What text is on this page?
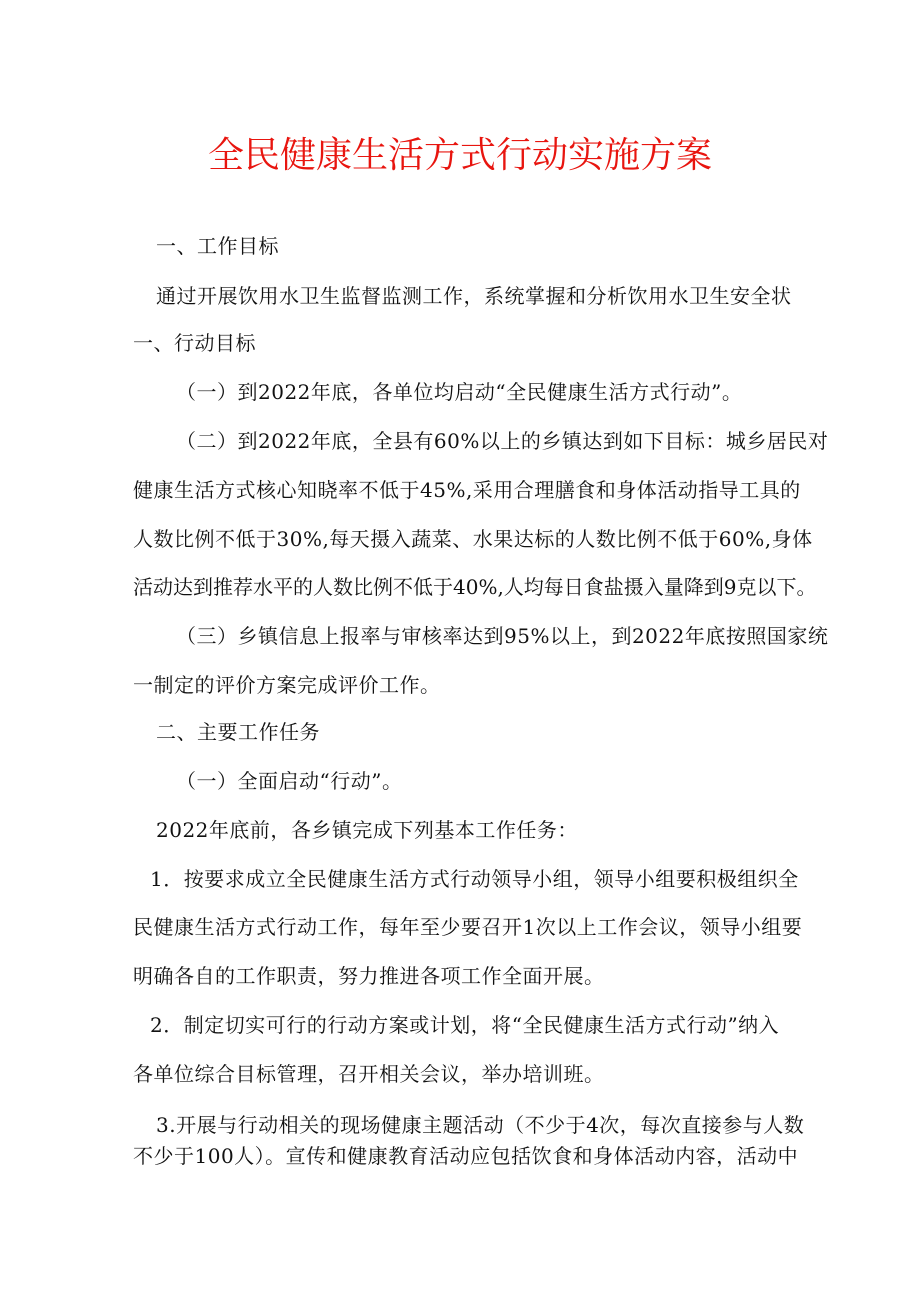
全民健康生活方式行动实施方案
一、工作目标
通过开展饮用水卫生监督监测工作，系统掌握和分析饮用水卫生安全状
一、行动目标
（一）到2022年底，各单位均启动“全民健康生活方式行动”。
（二）到2022年底，全县有60%以上的乡镇达到如下目标：城乡居民对
健康生活方式核心知晓率不低于45%,采用合理膳食和身体活动指导工具的
人数比例不低于30%,每天摄入蔬菜、水果达标的人数比例不低于60%,身体
活动达到推荐水平的人数比例不低于40%,人均每日食盐摄入量降到9克以下。
（三）乡镇信息上报率与审核率达到95%以上，到2022年底按照国家统
一制定的评价方案完成评价工作。
二、主要工作任务
（一）全面启动“行动”。
2022年底前，各乡镇完成下列基本工作任务：
1．按要求成立全民健康生活方式行动领导小组，领导小组要积极组织全
民健康生活方式行动工作，每年至少要召开1次以上工作会议，领导小组要
明确各自的工作职责，努力推进各项工作全面开展。
2．制定切实可行的行动方案或计划，将“全民健康生活方式行动”纳入
各单位综合目标管理，召开相关会议，举办培训班。
3.开展与行动相关的现场健康主题活动（不少于4次，每次直接参与人数
不少于100人）。宣传和健康教育活动应包括饮食和身体活动内容，活动中
